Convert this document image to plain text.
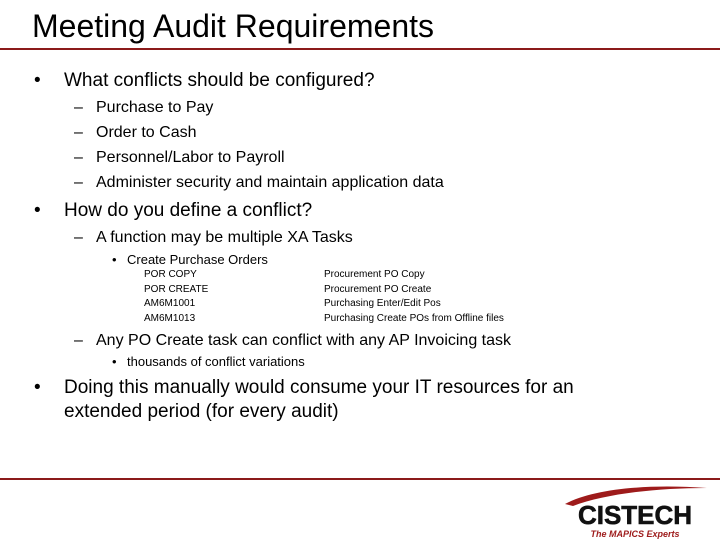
Meeting Audit Requirements
• What conflicts should be configured?
– Purchase to Pay
– Order to Cash
– Personnel/Labor to Payroll
– Administer security and maintain application data
• How do you define a conflict?
– A function may be multiple XA Tasks
• Create Purchase Orders
POR COPY	Procurement PO Copy
POR CREATE	Procurement PO Create
AM6M1001	Purchasing Enter/Edit Pos
AM6M1013	Purchasing Create POs from Offline files
– Any PO Create task can conflict with any AP Invoicing task
• thousands of conflict variations
• Doing this manually would consume your IT resources for an
extended period (for every audit)
CISTECH
The MAPICS Experts
